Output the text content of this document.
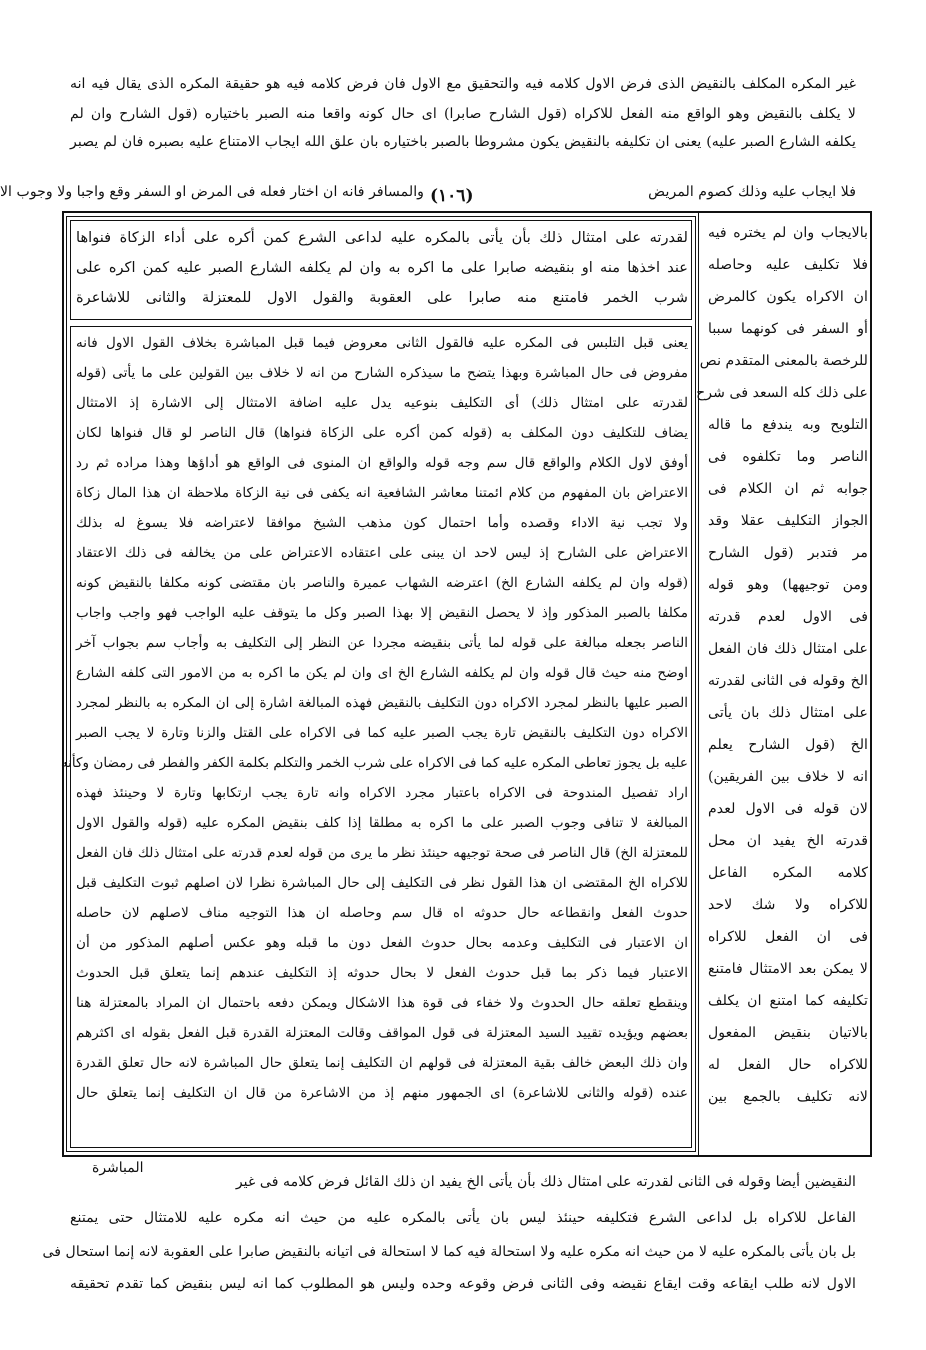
غير المكره المكلف بالنقيض الذى فرض الاول كلامه فيه والتحقيق مع الاول فان فرض كلامه فيه هو حقيقة المكره الذى يقال فيه انه
لا يكلف بالنقيض وهو الواقع منه الفعل للاكراه (قول الشارح صابرا) اى حال كونه واقعا منه الصبر باختياره (قول الشارح وان لم
يكلفه الشارع الصبر عليه) يعنى ان تكليفه بالنقيض يكون مشروطا بالصبر باختياره بان علق الله ايجاب الامتناع عليه بصبره فان لم يصبر
فلا ايجاب عليه وذلك كصوم المريض
(١٠٦)
والمسافر فانه ان اختار فعله فى المرض او السفر وقع واجبا ولا وجوب الا
لقدرته على امتثال ذلك بأن يأتى بالمكره عليه لداعى الشرع كمن أكره على أداء الزكاة فنواها
عند اخذها منه او بنقيضه صابرا على ما اكره به وان لم يكلفه الشارع الصبر عليه كمن اكره على
شرب الخمر فامتنع منه صابرا على العقوبة والقول الاول للمعتزلة والثانى للاشاعرة
يعنى قبل التلبس فى المكره عليه فالقول الثانى معروض فيما قبل المباشرة بخلاف القول الاول فانه
مفروض فى حال المباشرة وبهذا يتضح ما سيذكره الشارح من انه لا خلاف بين القولين على ما يأتى (قوله
لقدرته على امتثال ذلك) أى التكليف بنوعيه يدل عليه اضافة الامتثال إلى الاشارة إذ الامتثال
يضاف للتكليف دون المكلف به (قوله كمن أكره على الزكاة فنواها) قال الناصر لو قال فنواها لكان
أوفق لاول الكلام والواقع قال سم وجه قوله والواقع ان المنوى فى الواقع هو أداؤها وهذا مراده ثم رد
الاعتراض بان المفهوم من كلام ائمتنا معاشر الشافعية انه يكفى فى نية الزكاة ملاحظة ان هذا المال زكاة
ولا تجب نية الاداء وقصده وأما احتمال كون مذهب الشيخ موافقا لاعتراضه فلا يسوغ له بذلك
الاعتراض على الشارح إذ ليس لاحد ان يبنى على اعتقاده الاعتراض على من يخالفه فى ذلك الاعتقاد
(قوله وان لم يكلفه الشارع الخ) اعترضه الشهاب عميرة والناصر بان مقتضى كونه مكلفا بالنقيض كونه
مكلفا بالصبر المذكور وإذ لا يحصل النقيض إلا بهذا الصبر وكل ما يتوقف عليه الواجب فهو واجب واجاب
الناصر بجعله مبالغة على قوله لما يأتى بنقيضه مجردا عن النظر إلى التكليف به وأجاب سم بجواب آخر
اوضح منه حيث قال قوله وان لم يكلفه الشارع الخ اى وان لم يكن ما اكره به من الامور التى كلفه الشارع
الصبر عليها بالنظر لمجرد الاكراه دون التكليف بالنقيض فهذه المبالغة اشارة إلى ان المكره به بالنظر لمجرد
الاكراه دون التكليف بالنقيض تارة يجب الصبر عليه كما فى الاكراه على القتل والزنا وتارة لا يجب الصبر
عليه بل يجوز تعاطى المكره عليه كما فى الاكراه على شرب الخمر والتكلم بكلمة الكفر والفطر فى رمضان وكأنه
اراد تفصيل المندوحة فى الاكراه باعتبار مجرد الاكراه وانه تارة يجب ارتكابها وتارة لا وحينئذ فهذه
المبالغة لا تنافى وجوب الصبر على ما اكره به مطلقا إذا كلف بنقيض المكره عليه (قوله والقول الاول
للمعتزلة الخ) قال الناصر فى صحة توجيهه حينئذ نظر ما يرى من قوله لعدم قدرته على امتثال ذلك فان الفعل
للاكراه الخ المقتضى ان هذا القول نظر فى التكليف إلى حال المباشرة نظرا لان اصلهم ثبوت التكليف قبل
حدوث الفعل وانقطاعه حال حدوثه اه قال سم وحاصله ان هذا التوجيه مناف لاصلهم لان حاصله
ان الاعتبار فى التكليف وعدمه بحال حدوث الفعل دون ما قبله وهو عكس أصلهم المذكور من أن
الاعتبار فيما ذكر بما قبل حدوث الفعل لا بحال حدوثه إذ التكليف عندهم إنما يتعلق قبل الحدوث
وينقطع تعلقه حال الحدوث ولا خفاء فى قوة هذا الاشكال ويمكن دفعه باحتمال ان المراد بالمعتزلة هنا
بعضهم ويؤيده تقييد السيد المعتزلة فى قول المواقف وقالت المعتزلة القدرة قبل الفعل بقوله اى اكثرهم
وان ذلك البعض خالف بقية المعتزلة فى قولهم ان التكليف إنما يتعلق حال المباشرة لانه حال تعلق القدرة
عنده (قوله والثانى للاشاعرة) اى الجمهور منهم إذ من الاشاعرة من قال ان التكليف إنما يتعلق حال
بالايجاب وان لم يختره فيه
فلا تكليف عليه وحاصله
ان الاكراه يكون كالمرض
أو السفر فى كونهما سببا
للرخصة بالمعنى المتقدم نص
على ذلك كله السعد فى شرح
التلويح وبه يندفع ما قاله
الناصر وما تكلفوه فى
جوابه ثم ان الكلام فى
الجواز التكليف عقلا وقد
مر فتدبر (قول الشارح
ومن توجيهها) وهو قوله
فى الاول لعدم قدرته
على امتثال ذلك فان الفعل
الخ وقوله فى الثانى لقدرته
على امتثال ذلك بان يأتى
الخ (قول الشارح يعلم
انه لا خلاف بين الفريقين)
لان قوله فى الاول لعدم
قدرته الخ يفيد ان محل
كلامه المكره الفاعل
للاكراه ولا شك لاحد
فى ان الفعل للاكراه
لا يمكن بعد الامتثال فامتنع
تكليفه كما امتنع ان يكلف
بالاتيان بنقيض المفعول
للاكراه حال الفعل له
لانه تكليف بالجمع بين
المباشرة
النقيضين أيضا وقوله فى الثانى لقدرته على امتثال ذلك بأن يأتى الخ يفيد ان ذلك القائل فرض كلامه فى غير
الفاعل للاكراه بل لداعى الشرع فتكليفه حينئذ ليس بان يأتى بالمكره عليه من حيث انه مكره عليه للامتثال حتى يمتنع
بل بان يأتى بالمكره عليه لا من حيث انه مكره عليه ولا استحالة فيه كما لا استحالة فى اتيانه بالنقيض صابرا على العقوبة لانه إنما استحال فى
الاول لانه طلب ايقاعه وقت ايقاع نقيضه وفى الثانى فرض وقوعه وحده وليس هو المطلوب كما انه ليس بنقيض كما تقدم تحقيقه
